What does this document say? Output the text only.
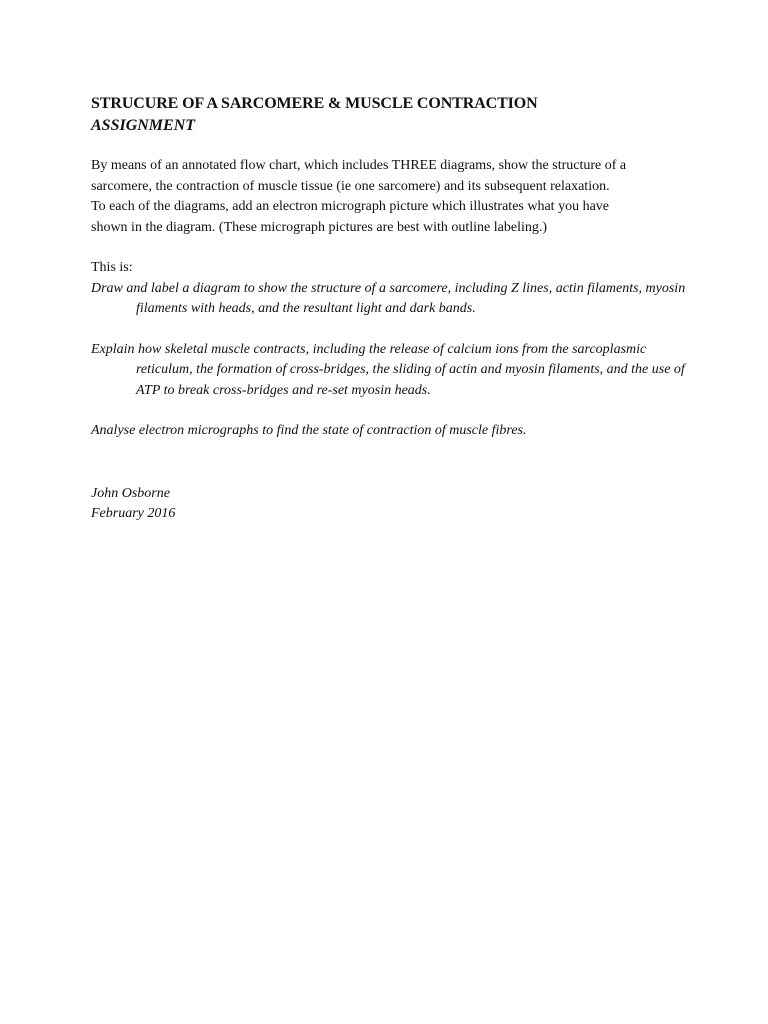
STRUCURE OF A SARCOMERE & MUSCLE CONTRACTION
ASSIGNMENT

By means of an annotated flow chart, which includes THREE diagrams, show the structure of a

sarcomere, the contraction of muscle tissue (ie one sarcomere) and its subsequent relaxation.

To each of the diagrams, add an electron micrograph picture which illustrates what you have

shown in the diagram. (These micrograph pictures are best with outline labeling.)

This is:

Draw and label a diagram to show the structure of a sarcomere, including Z lines, actin filaments, myosin filaments with heads, and the resultant light and dark bands.

Explain how skeletal muscle contracts, including the release of calcium ions from the sarcoplasmic reticulum, the formation of cross-bridges, the sliding of actin and myosin filaments, and the use of ATP to break cross-bridges and re-set myosin heads.

Analyse electron micrographs to find the state of contraction of muscle fibres.

John Osborne
February 2016
